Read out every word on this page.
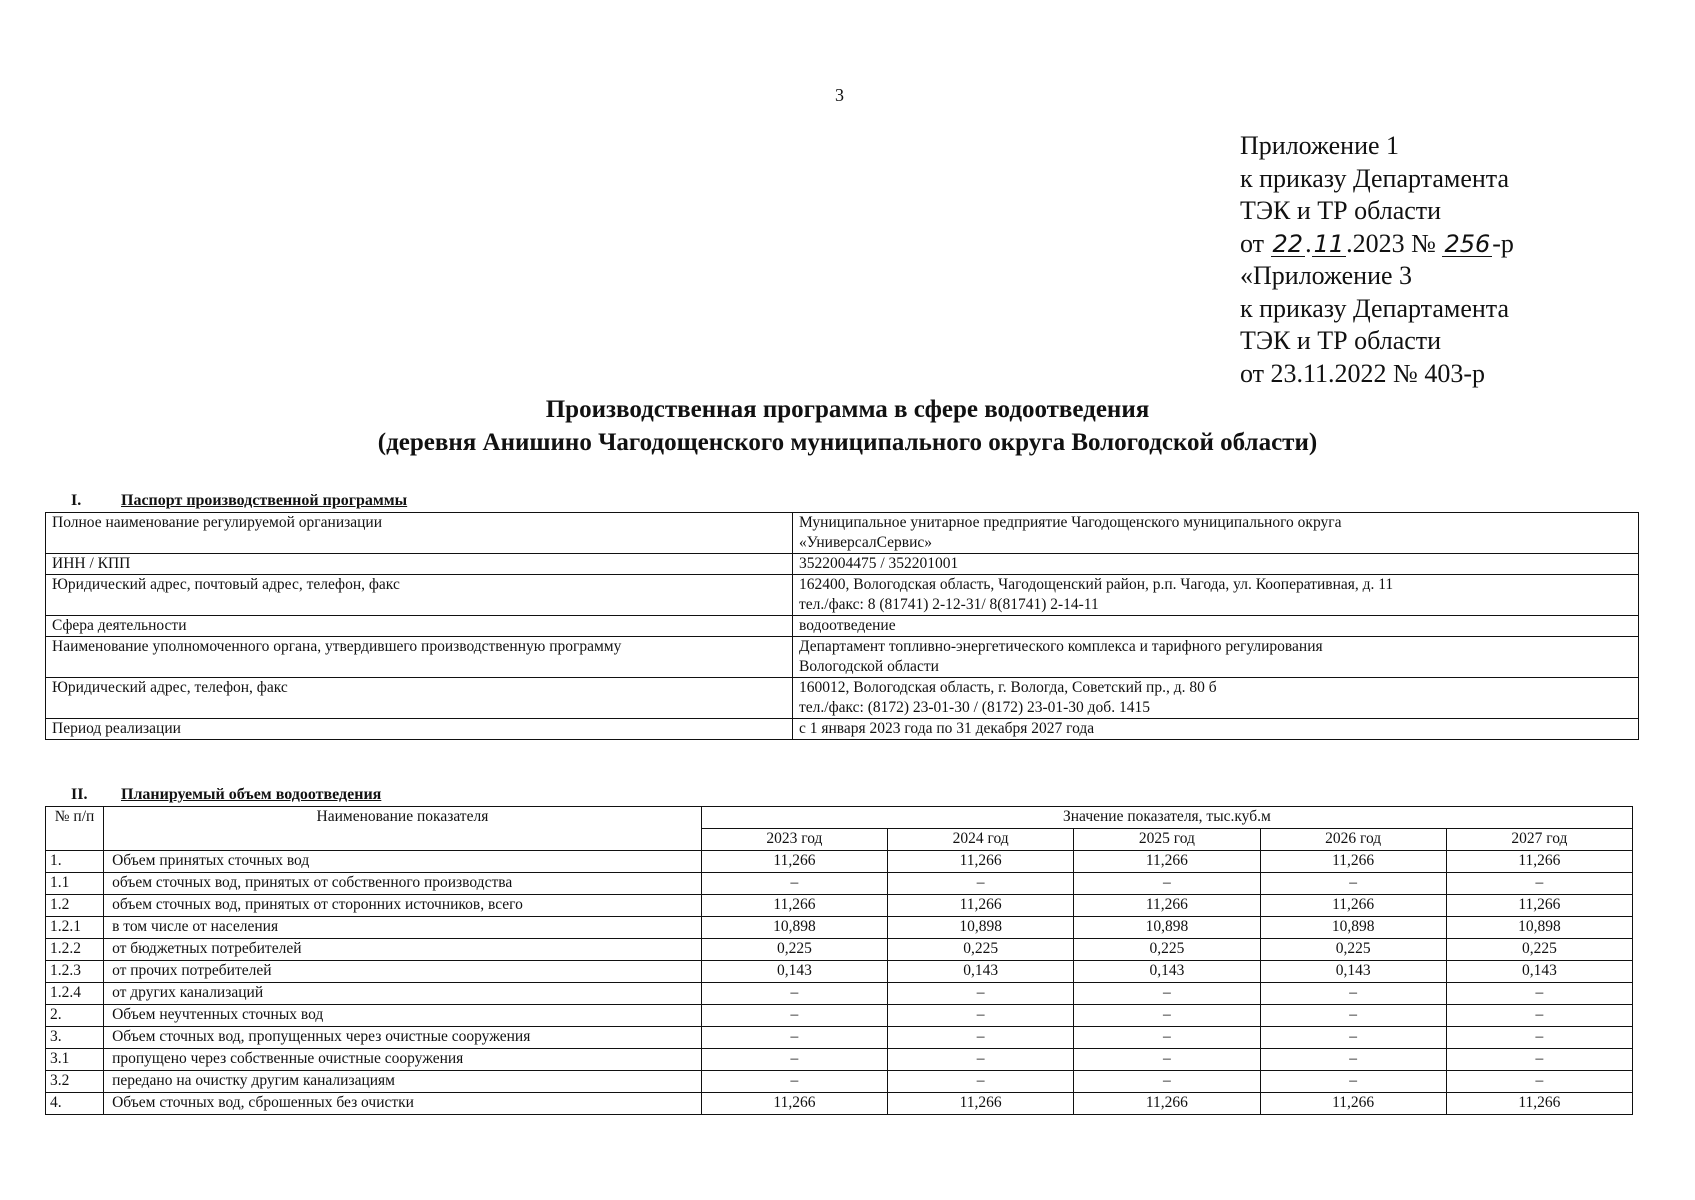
3
Приложение 1
к приказу Департамента
ТЭК и ТР области
от 22.11.2023 № 256-р
«Приложение 3
к приказу Департамента
ТЭК и ТР области
от 23.11.2022 № 403-р
Производственная программа в сфере водоотведения
(деревня Анишино Чагодощенского муниципального округа Вологодской области)
I. Паспорт производственной программы
Полное наименование регулируемой организации	Муниципальное унитарное предприятие Чагодощенского муниципального округа
«УниверсалСервис»

ИНН / КПП	3522004475 / 352201001

Юридический адрес, почтовый адрес, телефон, факс	162400, Вологодская область, Чагодощенский район, р.п. Чагода, ул. Кооперативная, д. 11
тел./факс: 8 (81741) 2-12-31/ 8(81741) 2-14-11

Сфера деятельности	водоотведение

Наименование уполномоченного органа, утвердившего производственную программу	Департамент топливно-энергетического комплекса и тарифного регулирования
Вологодской области

Юридический адрес, телефон, факс	160012, Вологодская область, г. Вологда, Советский пр., д. 80 б
тел./факс: (8172) 23-01-30 / (8172) 23-01-30 доб. 1415

Период реализации	с 1 января 2023 года по 31 декабря 2027 года
II. Планируемый объем водоотведения
№ п/п	Наименование показателя	Значение показателя, тыс.куб.м				
		2023 год	2024 год	2025 год	2026 год	2027 год
1.	Объем принятых сточных вод	11,266	11,266	11,266	11,266	11,266
1.1	объем сточных вод, принятых от собственного производства	–	–	–	–	–
1.2	объем сточных вод, принятых от сторонних источников, всего	11,266	11,266	11,266	11,266	11,266
1.2.1	в том числе от населения	10,898	10,898	10,898	10,898	10,898
1.2.2	от бюджетных потребителей	0,225	0,225	0,225	0,225	0,225
1.2.3	от прочих потребителей	0,143	0,143	0,143	0,143	0,143
1.2.4	от других канализаций	–	–	–	–	–
2.	Объем неучтенных сточных вод	–	–	–	–	–
3.	Объем сточных вод, пропущенных через очистные сооружения	–	–	–	–	–
3.1	пропущено через собственные очистные сооружения	–	–	–	–	–
3.2	передано на очистку другим канализациям	–	–	–	–	–
4.	Объем сточных вод, сброшенных без очистки	11,266	11,266	11,266	11,266	11,266
